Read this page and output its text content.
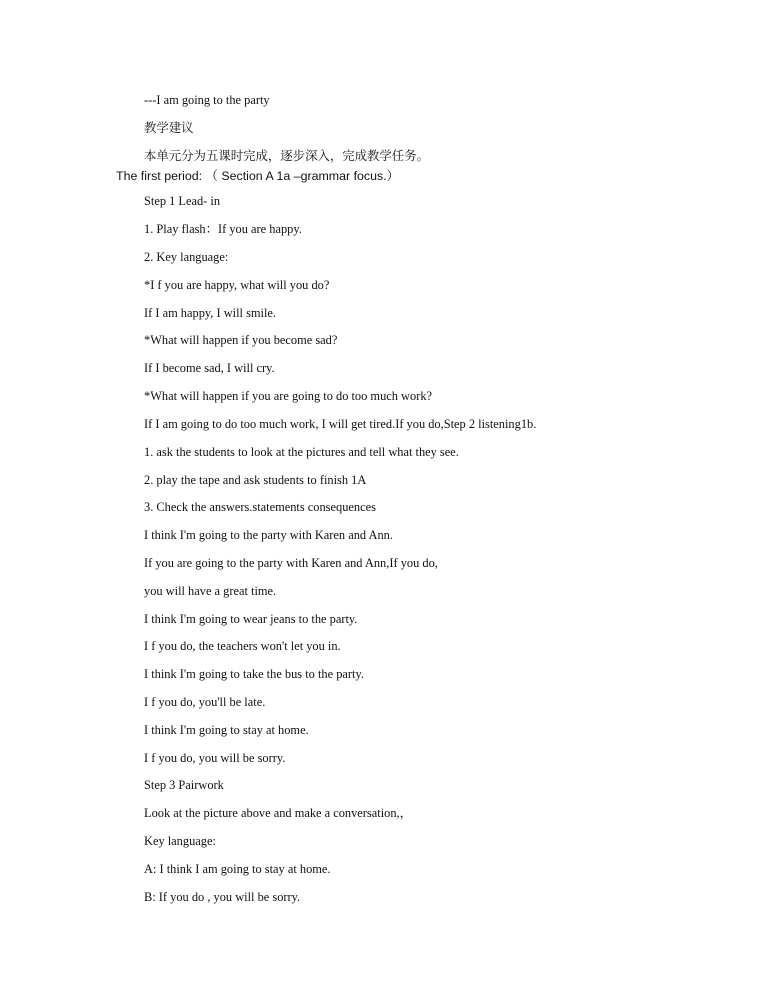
---I am going to the party
教学建议
本单元分为五课时完成，逐步深入，完成教学任务。
The first period: （ Section A 1a –grammar focus.）
Step 1 Lead- in
1. Play flash：If you are happy.
2. Key language:
*I f you are happy, what will you do?
If I am happy, I will smile.
*What will happen if you become sad?
If I become sad, I will cry.
*What will happen if you are going to do too much work?
If I am going to do too much work, I will get tired.If you do,Step 2 listening1b.
1. ask the students to look at the pictures and tell what they see.
2. play the tape and ask students to finish 1A
3. Check the answers.statements consequences
I think I'm going to the party with Karen and Ann.
If you are going to the party with Karen and Ann,If you do,
you will have a great time.
I think I'm going to wear jeans to the party.
I f you do, the teachers won't let you in.
I think I'm going to take the bus to the party.
I f you do, you'll be late.
I think I'm going to stay at home.
I f you do, you will be sorry.
Step 3 Pairwork
Look at the picture above and make a conversation,，
Key language:
A: I think I am going to stay at home.
B: If you do , you will be sorry.
